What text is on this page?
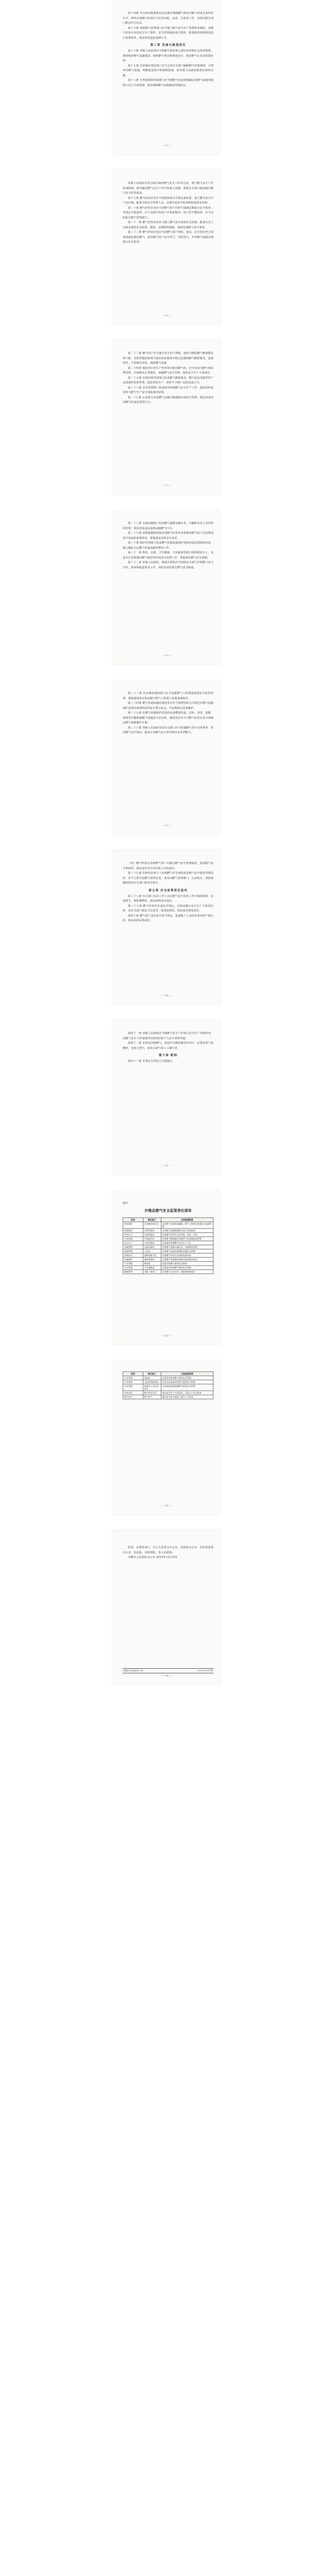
第十四条 市行政审批服务局负责落实城镇燃气和农村燃气供应企业经营许可，组织开展燃气经营许可证的审批、变更、注销等工作，及时向相关部门推送许可信息。

第十五条 各级燃气管理部门应当建立燃气安全生产监督检查制度，对燃气经营企业的安全生产条件、安全管理制度执行情况、隐患排查治理情况进行监督检查，依法查处违法违规行为。

第三章 发展与规划责任

第十六条 各级人民政府应当将燃气事业纳入国民经济和社会发展规划，统筹城乡燃气设施建设，保障燃气供应和使用安全，推动燃气行业高质量发展。

第十七条 住房城乡建设部门应当会同有关部门编制燃气发展规划，合理布局燃气设施，明确建设时序和保障措施，报本级人民政府批准后组织实施。

第十八条 自然资源和规划部门应当将燃气发展规划确定的燃气设施用地纳入国土空间规划，依法保障燃气设施建设用地需求。

— 5 —

各级人民政府对本行政区域内燃气安全工作负总责，建立燃气安全工作协调机制，研究解决燃气安全工作中的重大问题，督促有关部门依法履行燃气安全监管职责。

第十九条 燃气经营企业应当按照国家有关规定和标准，建立健全安全生产责任制，配备专职安全管理人员，定期开展安全检查和隐患排查治理。

第二十条 燃气经营企业应当对燃气用户的用气设施定期进行安全检查，发现安全隐患的，应当书面告知用户并督促整改；用户拒不整改的，应当及时报告燃气管理部门。

第二十一条 燃气经营企业应当建立燃气安全事故应急预案，配备应急人员和必要的应急装备、器材，定期组织演练，及时处置燃气安全事故。

第二十二条 燃气经营企业应当向燃气用户持续、稳定、安全供应符合国家质量标准的燃气，指导燃气用户安全用气、节约用气，并对燃气设施定期进行安全检查。

— 6 —

第二十三条 燃气用户应当遵守安全用气规则，使用合格的燃气燃烧器具和气瓶，及时更换国家明令淘汰或者使用年限已届满的燃气燃烧器具、连接管等，不得擅自改装、拆除燃气设施。

第二十四条 餐饮等行业生产经营单位使用燃气的，应当安装可燃气体报警装置，并保障其正常使用，加强燃气安全管理，落实安全生产主体责任。

第二十五条 市场监督管理部门负责燃气燃烧器具、燃气用具及配件等产品质量的监督管理，依法查处生产、销售不合格产品的违法行为。

第二十六条 应急管理部门负责指导协调燃气安全生产工作，依法组织或者参与燃气生产安全事故调查处理。

第二十七条 公安机关负责燃气运输车辆道路交通安全管理，依法查处涉及燃气的违法犯罪行为。

— 7 —

第二十八条 交通运输部门负责燃气道路运输企业、车辆和从业人员的资质管理，依法查处违法违规运输燃气行为。

第二十九条 消防救援机构依法对燃气经营企业和使用燃气的人员密集场所开展消防监督检查，督促落实消防安全责任。

第三十条 城市管理部门负责燃气管道设施保护范围内违法建设的查处，配合做好占压燃气管道设施的整治工作。

第三十一条 教育、民政、卫生健康、文化旅游等部门按照职责分工，负责本行业领域内燃气使用单位的安全管理工作，督促落实燃气安全措施。

第三十二条 乡镇人民政府、街道办事处应当协助有关部门开展燃气安全宣传、检查和隐患排查工作，及时发现并报告燃气安全隐患。

— 8 —

第三十三条 住房城乡建设部门应当加强燃气工程建设质量安全监督管理，督促建设单位依法履行燃气工程竣工验收备案程序。

第三十四条 燃气管道设施的建设单位应当按照国家有关规定在燃气设施保护范围内设置明显的安全警示标志，并定期进行巡查维护。

第三十五条 在燃气设施保护范围内从事敷设管道、打桩、顶进、挖掘、钻探等可能影响燃气设施安全活动的，建设单位应当与燃气经营企业共同制定燃气设施保护方案。

第三十六条 各级人民政府及其有关部门应当加强燃气安全宣传教育，普及燃气安全知识，提高公众燃气安全意识和应急处置能力。

— 9 —

（四）燃气经营企业和燃气用户未履行燃气安全管理职责，造成燃气安全事故的，依法追究有关单位和人员的责任。

第三十七条 任何单位和个人发现燃气安全事故或者燃气安全隐患等情况的，应当立即告知燃气经营企业，或者向燃气管理部门、公安机关、消防救援机构等有关部门和单位报告。

第五章 安全监管责任追究

第三十八条 有关部门及其工作人员在燃气安全监管工作中滥用职权、玩忽职守、徇私舞弊的，依法依规追究责任。

第三十九条 燃气经营企业违反本规定，未依法履行安全生产主体责任的，由有关部门依法予以处罚；构成犯罪的，依法追究刑事责任。

第四十条 燃气用户违反安全用气规定，造成他人人身伤害或者财产损失的，依法承担民事责任。

— 10 —

第四十一条 各级人民政府应当将燃气安全工作纳入安全生产考核内容，对燃气安全工作成绩突出的单位和个人给予表彰奖励。

第四十二条 本规定所称燃气，是指作为燃料使用并符合一定要求的气体燃料，包括天然气、液化石油气和人工煤气等。

第六章 附则

第四十三条 本规定自印发之日起施行。

— 11 —
附件
沙雅县燃气安全监管责任清单
类别	责任部门	主要监管职责
规划建设	住房城乡建设局	负责燃气发展规划编制、燃气工程建设质量安全监督管理
规划建设	自然资源局	负责燃气设施用地纳入国土空间规划
经营许可	行政审批局	负责燃气经营许可证审批、变更、注销
产品质量	市场监管局	负责燃气燃烧器具及配件产品质量监督管理
安全生产	应急管理局	负责指导协调燃气安全生产工作
运输管理	交通运输局	负责燃气道路运输企业、车辆资质管理
运输管理	公安局	负责燃气运输车辆道路交通安全管理
消防安全	消防救援大队	负责燃气经营企业消防监督检查
设施保护	城市管理局	负责燃气管道保护范围内违法建设查处
行业管理	教育局	负责学校燃气使用安全管理
行业管理	卫生健康委	负责医疗机构燃气使用安全管理
属地管理	乡镇（街道）	负责燃气安全宣传、隐患排查和报告
— 12 —
类别	责任部门	主要监管职责
行业管理	民政局	负责养老机构燃气使用安全管理
行业管理	文化体育旅游局	负责文化旅游场所燃气使用安全管理
行业管理	商务和工业信息化局	负责商贸流通领域燃气使用安全管理
经营企业	燃气经营企业	落实安全生产主体责任，开展入户安全检查
燃气用户	燃气用户	遵守安全用气规则，配合入户检查
— 13 —

抄送：县委各部门，县人大常委会办公室，县政协办公室，县纪委监委办公室，县法院，县检察院，各人民团体。

沙雅县人民政府办公室 2023年12月印发

沙雅县人民政府办公室	2023年12月印发
— 14 —
